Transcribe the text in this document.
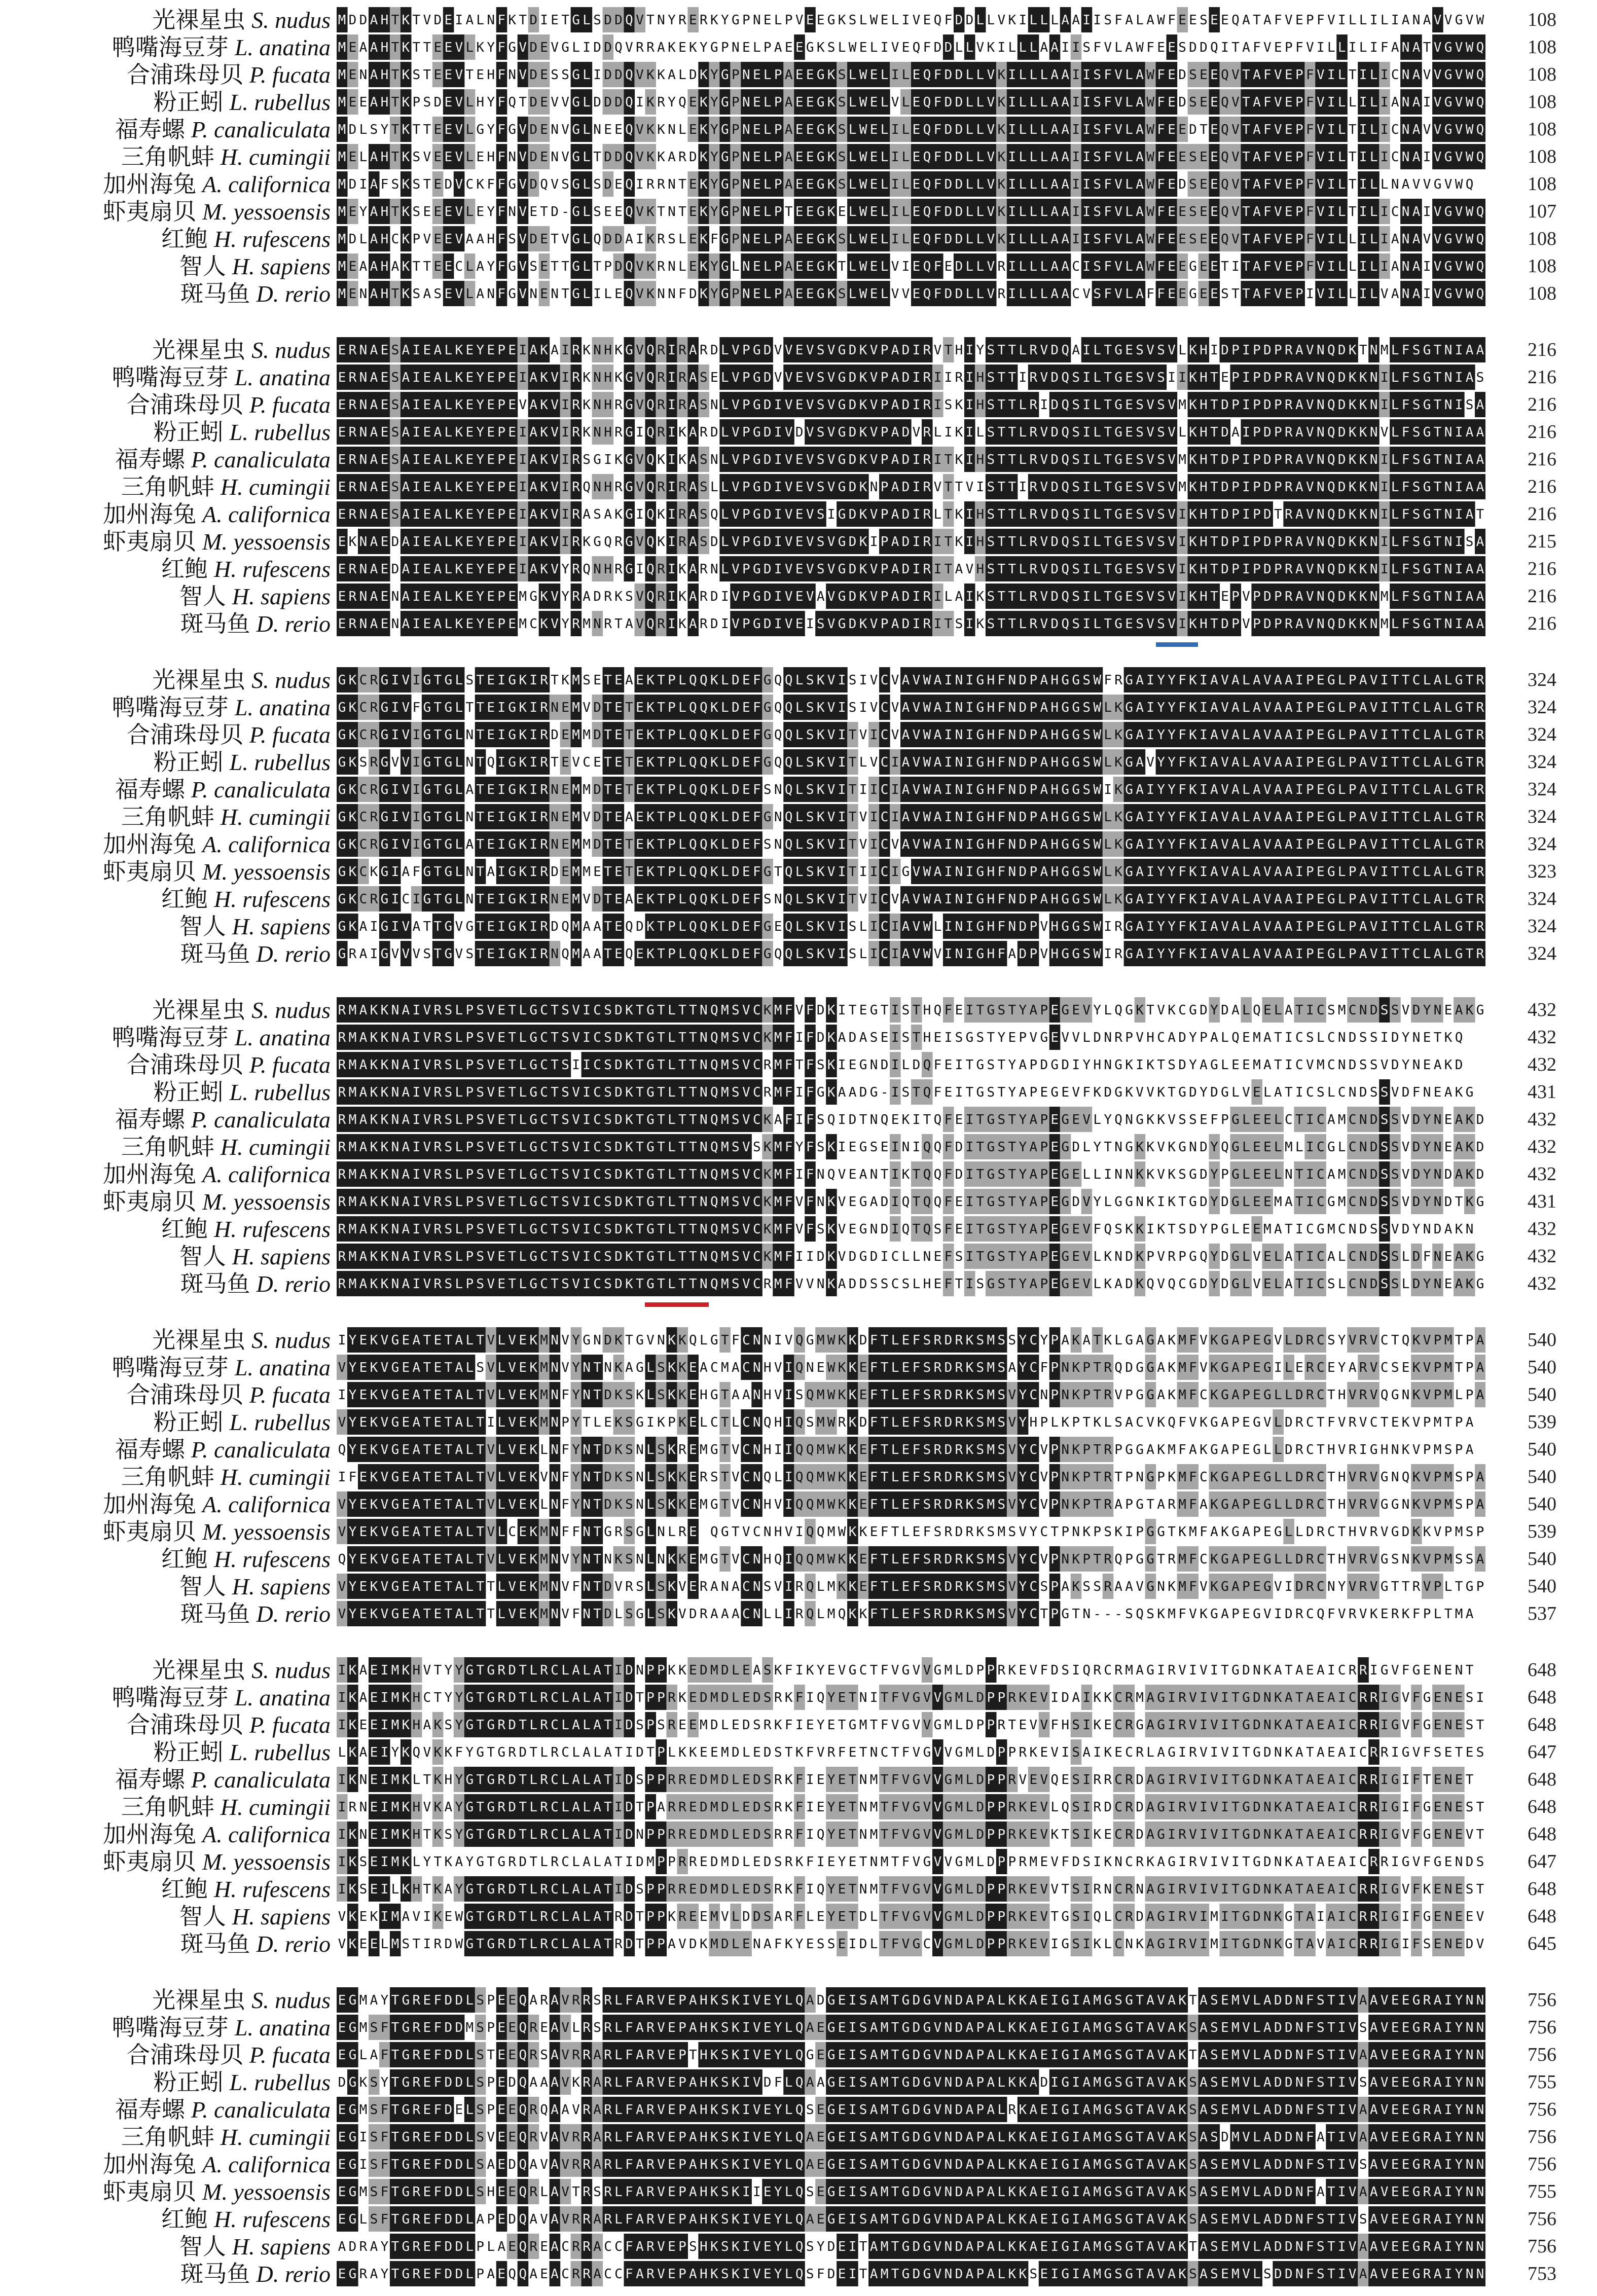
光裸星虫 S. nudus M D D A H T K T V D E I A L N F K T D I E T G L S D D Q V T N Y R E R K Y G P N E L P V E E G K S L W E L I V E Q F D D L L V K I L L L A A I I S F A L A W F E E S E E Q A T A F V E P F V I L L I L I A N A V V G V W	108
鸭嘴海豆芽 L. anatina M E A A H T K T T E E V L K Y F G V D E V G L I D D Q V R R A K E K Y G P N E L P A E E G K S L W E L I V E Q F D D L L V K I L L L A A I I S F V L A W F E E S D D Q I T A F V E P F V I L L I L I F A N A T V G V W Q	108
合浦珠母贝 P. fucata M E N A H T K S T E E V T E H F N V D E S S G L I D D Q V K K A L D K Y G P N E L P A E E G K S L W E L I L E Q F D D L L V K I L L L A A I I S F V L A W F E D S E E Q V T A F V E P F V I L T I L I C N A V V G V W Q	108
粉正蚓 L. rubellus M E E A H T K P S D E V L H Y F Q T D E V V G L D D D Q I K R Y Q E K Y G P N E L P A E E G K S L W E L V L E Q F D D L L V K I L L L A A I I S F V L A W F E D S E E Q V T A F V E P F V I L L I L I A N A I V G V W Q	108
福寿螺 P. canaliculata M D L S Y T K T T E E V L G Y F G V D E N V G L N E E Q V K K N L E K Y G P N E L P A E E G K S L W E L I L E Q F D D L L V K I L L L A A I I S F V L A W F E E D T E Q V T A F V E P F V I L T I L I C N A V V G V W Q	108
三角帆蚌 H. cumingii M E L A H T K S V E E V L E H F N V D E N V G L T D D Q V K K A R D K Y G P N E L P A E E G K S L W E L I L E Q F D D L L V K I L L L A A I I S F V L A W F E E S E E Q V T A F V E P F V I L T I L I C N A I V G V W Q	108
加州海兔 A. californica M D I A F S K S T E D V C K F F G V D Q V S G L S D E Q I R R N T E K Y G P N E L P A E E G K S L W E L I L E Q F D D L L V K I L L L A A I I S F V L A W F E D S E E Q V T A F V E P F V I L T I L L N A V V G V W Q	108
虾夷扇贝 M. yessoensis M E Y A H T K S E E E V L E Y F N V E T D - G L S E E Q V K T N T E K Y G P N E L P T E E G K E L W E L I L E Q F D D L L V K I L L L A A I I S F V L A W F E E S E E Q V T A F V E P F V I L T I L I C N A I V G V W Q	107
红鲍 H. rufescens M D L A H C K P V E E V A A H F S V D E T V G L Q D D A I K R S L E K F G P N E L P A E E G K S L W E L I L E Q F D D L L V K I L L L A A I I S F V L A W F E E S E E Q V T A F V E P F V I L L I L I A N A V V G V W Q	108
智人 H. sapiens M E A A H A K T T E E C L A Y F G V S E T T G L T P D Q V K R N L E K Y G L N E L P A E E G K T L W E L V I E Q F E D L L V R I L L L A A C I S F V L A W F E E G E E T I T A F V E P F V I L L I L I A N A I V G V W Q	108
斑马鱼 D. rerio M E N A H T K S A S E V L A N F G V N E N T G L I L E Q V K N N F D K Y G P N E L P A E E G K S L W E L V V E Q F D D L L V R I L L L A A C V S F V L A F F E E G E E S T T A F V E P I V I L L I L V A N A I V G V W Q	108
光裸星虫 S. nudus E R N A E S A I E A L K E Y E P E I A K A I R K N H K G V Q R I R A R D L V P G D V V E V S V G D K V P A D I R V T H I Y S T T L R V D Q A I L T G E S V S V L K H I D P I P D P R A V N Q D K T N M L F S G T N I A A	216
鸭嘴海豆芽 L. anatina E R N A E S A I E A L K E Y E P E I A K V I R K N H K G V Q R I R A S E L V P G D V V E V S V G D K V P A D I R I I R I H S T T I R V D Q S I L T G E S V S I I K H T E P I P D P R A V N Q D K K N I L F S G T N I A S	216
合浦珠母贝 P. fucata E R N A E S A I E A L K E Y E P E V A K V I R K N H R G V Q R I R A S N L V P G D I V E V S V G D K V P A D I R I S K I H S T T L R I D Q S I L T G E S V S V M K H T D P I P D P R A V N Q D K K N I L F S G T N I S A	216
粉正蚓 L. rubellus E R N A E S A I E A L K E Y E P E I A K V I R K N H R G I Q R I K A R D L V P G D I V D V S V G D K V P A D V R L I K I L S T T L R V D Q S I L T G E S V S V L K H T D A I P D P R A V N Q D K K N V L F S G T N I A A	216
福寿螺 P. canaliculata E R N A E S A I E A L K E Y E P E I A K V I R S G I K G V Q K I K A S N L V P G D I V E V S V G D K V P A D I R I T K I H S T T L R V D Q S I L T G E S V S V M K H T D P I P D P R A V N Q D K K N I L F S G T N I A A	216
三角帆蚌 H. cumingii E R N A E S A I E A L K E Y E P E I A K V I R Q N H R G V Q R I R A S L L V P G D I V E V S V G D K N P A D I R V T T V I S T T I R V D Q S I L T G E S V S V M K H T D P I P D P R A V N Q D K K N I L F S G T N I A A	216
加州海兔 A. californica E R N A E S A I E A L K E Y E P E I A K V I R A S A K G I Q K I R A S Q L V P G D I V E V S I G D K V P A D I R L T K I H S T T L R V D Q S I L T G E S V S V I K H T D P I P D T R A V N Q D K K N I L F S G T N I A T	216
虾夷扇贝 M. yessoensis E K N A E D A I E A L K E Y E P E I A K V I R K G Q R G V Q K I R A S D L V P G D I V E V S V G D K I P A D I R I T K I H S T T L R V D Q S I L T G E S V S V I K H T D P I P D P R A V N Q D K K N I L F S G T N I S A	215
红鲍 H. rufescens E R N A E D A I E A L K E Y E P E I A K V Y R Q N H R G I Q R I K A R N L V P G D I V E V S V G D K V P A D I R I T A V H S T T L R V D Q S I L T G E S V S V I K H T D P I P D P R A V N Q D K K N I L F S G T N I A A	216
智人 H. sapiens E R N A E N A I E A L K E Y E P E M G K V Y R A D R K S V Q R I K A R D I V P G D I V E V A V G D K V P A D I R I L A I K S T T L R V D Q S I L T G E S V S V I K H T E P V P D P R A V N Q D K K N M L F S G T N I A A	216
斑马鱼 D. rerio E R N A E N A I E A L K E Y E P E M C K V Y R M N R T A V Q R I K A R D I V P G D I V E I S V G D K V P A D I R I T S I K S T T L R V D Q S I L T G E S V S V I K H T D P V P D P R A V N Q D K K N M L F S G T N I A A	216
光裸星虫 S. nudus G K C R G I V I G T G L S T E I G K I R T K M S E T E A E K T P L Q Q K L D E F G Q Q L S K V I S I V C V A V W A I N I G H F N D P A H G G S W F R G A I Y Y F K I A V A L A V A A I P E G L P A V I T T C L A L G T R	324
鸭嘴海豆芽 L. anatina G K C R G I V F G T G L T T E I G K I R N E M V D T E T E K T P L Q Q K L D E F G Q Q L S K V I S I V C V A V W A I N I G H F N D P A H G G S W L K G A I Y Y F K I A V A L A V A A I P E G L P A V I T T C L A L G T R	324
合浦珠母贝 P. fucata G K C R G I V I G T G L N T E I G K I R D E M M D T E T E K T P L Q Q K L D E F G Q Q L S K V I T V I C V A V W A I N I G H F N D P A H G G S W L K G A I Y Y F K I A V A L A V A A I P E G L P A V I T T C L A L G T R	324
粉正蚓 L. rubellus G K S R G V V I G T G L N T Q I G K I R T E V C E T E T E K T P L Q Q K L D E F G Q Q L S K V I T L V C I A V W A I N I G H F N D P A H G G S W L K G A V Y Y F K I A V A L A V A A I P E G L P A V I T T C L A L G T R	324
福寿螺 P. canaliculata G K C R G I V I G T G L A T E I G K I R N E M M D T E T E K T P L Q Q K L D E F S N Q L S K V I T I I C I A V W A I N I G H F N D P A H G G S W I K G A I Y Y F K I A V A L A V A A I P E G L P A V I T T C L A L G T R	324
三角帆蚌 H. cumingii G K C R G I V I G T G L N T E I G K I R N E M V D T E A E K T P L Q Q K L D E F G N Q L S K V I T V I C I A V W A I N I G H F N D P A H G G S W L K G A I Y Y F K I A V A L A V A A I P E G L P A V I T T C L A L G T R	324
加州海兔 A. californica G K C R G I V I G T G L A T E I G K I R N E M M D T E T E K T P L Q Q K L D E F S N Q L S K V I T V I C V A V W A I N I G H F N D P A H G G S W L K G A I Y Y F K I A V A L A V A A I P E G L P A V I T T C L A L G T R	324
虾夷扇贝 M. yessoensis G K C K G I A F G T G L N T A I G K I R D E M M E T E T E K T P L Q Q K L D E F G T Q L S K V I T I I C I G V W A I N I G H F N D P A H G G S W L K G A I Y Y F K I A V A L A V A A I P E G L P A V I T T C L A L G T R	323
红鲍 H. rufescens G K C R G I C I G T G L N T E I G K I R N E M V D T E A E K T P L Q Q K L D E F S N Q L S K V I T V I C V A V W A I N I G H F N D P A H G G S W L K G A I Y Y F K I A V A L A V A A I P E G L P A V I T T C L A L G T R	324
智人 H. sapiens G K A I G I V A T T G V G T E I G K I R D Q M A A T E Q D K T P L Q Q K L D E F G E Q L S K V I S L I C I A V W L I N I G H F N D P V H G G S W I R G A I Y Y F K I A V A L A V A A I P E G L P A V I T T C L A L G T R	324
斑马鱼 D. rerio G R A I G V V V S T G V S T E I G K I R N Q M A A T E Q E K T P L Q Q K L D E F G Q Q L S K V I S L I C I A V W V I N I G H F A D P V H G G S W I R G A I Y Y F K I A V A L A V A A I P E G L P A V I T T C L A L G T R	324
光裸星虫 S. nudus R M A K K N A I V R S L P S V E T L G C T S V I C S D K T G T L T T N Q M S V C K M F V F D K I T E G T I S T H Q F E I T G S T Y A P E G E V Y L Q G K T V K C G D Y D A L Q E L A T I C S M C N D S S V D Y N E A K G	432
鸭嘴海豆芽 L. anatina R M A K K N A I V R S L P S V E T L G C T S V I C S D K T G T L T T N Q M S V C K M F I F D K A D A S E I S T H E I S G S T Y E P V G E V V L D N R P V H C A D Y P A L Q E M A T I C S L C N D S S I D Y N E T K Q	432
合浦珠母贝 P. fucata R M A K K N A I V R S L P S V E T L G C T S I I C S D K T G T L T T N Q M S V C R M F T F S K I E G N D I L D Q F E I T G S T Y A P D G D I Y H N G K I K T S D Y A G L E E M A T I C V M C N D S S V D Y N E A K D	432
粉正蚓 L. rubellus R M A K K N A I V R S L P S V E T L G C T S V I C S D K T G T L T T N Q M S V C R M F I F G K A A D G - I S T Q F E I T G S T Y A P E G E V F K D G K V V K T G D Y D G L V E L A T I C S L C N D S S V D F N E A K G	431
福寿螺 P. canaliculata R M A K K N A I V R S L P S V E T L G C T S V I C S D K T G T L T T N Q M S V C K A F I F S Q I D T N Q E K I T Q F E I T G S T Y A P E G E V L Y Q N G K K V S S E F P G L E E L C T I C A M C N D S S V D Y N E A K D	432
三角帆蚌 H. cumingii R M A K K N A I V R S L P S V E T L G C T S V I C S D K T G T L T T N Q M S V S K M F Y F S K I E G S E I N I Q Q F D I T G S T Y A P E G D L Y T N G K K V K G N D Y Q G L E E L M L I C G L C N D S S V D Y N E A K D	432
加州海兔 A. californica R M A K K N A I V R S L P S V E T L G C T S V I C S D K T G T L T T N Q M S V C K M F I F N Q V E A N T I K T Q Q F D I T G S T Y A P E G E L L I N N K K V K S G D Y P G L E E L N T I C A M C N D S S V D Y N D A K D	432
虾夷扇贝 M. yessoensis R M A K K N A I V R S L P S V E T L G C T S V I C S D K T G T L T T N Q M S V C K M F V F N K V E G A D I Q T Q Q F E I T G S T Y A P E G D V Y L G G N K I K T G D Y D G L E E M A T I C G M C N D S S V D Y N D T K G	431
红鲍 H. rufescens R M A K K N A I V R S L P S V E T L G C T S V I C S D K T G T L T T N Q M S V C K M F V F S K V E G N D I Q T Q S F E I T G S T Y A P E G E V F Q S K K I K T S D Y P G L E E M A T I C G M C N D S S V D Y N D A K N	432
智人 H. sapiens R M A K K N A I V R S L P S V E T L G C T S V I C S D K T G T L T T N Q M S V C K M F I I D K V D G D I C L L N E F S I T G S T Y A P E G E V L K N D K P V R P G Q Y D G L V E L A T I C A L C N D S S L D F N E A K G	432
斑马鱼 D. rerio R M A K K N A I V R S L P S V E T L G C T S V I C S D K T G T L T T N Q M S V C R M F V V N K A D D S S C S L H E F T I S G S T Y A P E G E V L K A D K Q V Q C G D Y D G L V E L A T I C S L C N D S S L D Y N E A K G	432
光裸星虫 S. nudus I Y E K V G E A T E T A L T V L V E K M N V Y G N D K T G V N K K Q L G T F C N N I V Q G M W K K D F T L E F S R D R K S M S S Y C Y P A K A T K L G A G A K M F V K G A P E G V L D R C S Y V R V C T Q K V P M T P A	540
鸭嘴海豆芽 L. anatina V Y E K V G E A T E T A L S V L V E K M N V Y N T N K A G L S K K E A C M A C N H V I Q N E W K K E F T L E F S R D R K S M S A Y C F P N K P T R Q D G G A K M F V K G A P E G I L E R C E Y A R V C S E K V P M T P A	540
合浦珠母贝 P. fucata I Y E K V G E A T E T A L T V L V E K M N F Y N T D K S K L S K K E H G T A A N H V I S Q M W K K E F T L E F S R D R K S M S V Y C N P N K P T R V P G G A K M F C K G A P E G L L D R C T H V R V Q G N K V P M L P A	540
粉正蚓 L. rubellus V Y E K V G E A T E T A L T I L V E K M N P Y T L E K S G I K P K E L C T L C N Q H I Q S M W R K D F T L E F S R D R K S M S V Y H P L K P T K L S A C V K Q F V K G A P E G V L D R C T F V R V C T E K V P M T P A	539
福寿螺 P. canaliculata Q Y E K V G E A T E T A L T V L V E K L N F Y N T D K S N L S K R E M G T V C N H I I Q Q M W K K E F T L E F S R D R K S M S V Y C V P N K P T R P G G A K M F A K G A P E G L L D R C T H V R I G H N K V P M S P A	540
三角帆蚌 H. cumingii I F E K V G E A T E T A L T V L V E K V N F Y N T D K S N L S K K E R S T V C N Q L I Q Q M W K K E F T L E F S R D R K S M S V Y C V P N K P T R T P N G P K M F C K G A P E G L L D R C T H V R V G N Q K V P M S P A	540
加州海兔 A. californica V Y E K V G E A T E T A L T V L V E K L N F Y N T D K S N L S K K E M G T V C N H V I Q Q M W K K E F T L E F S R D R K S M S V Y C V P N K P T R A P G T A R M F A K G A P E G L L D R C T H V R V G G N K V P M S P A	540
虾夷扇贝 M. yessoensis V Y E K V G E A T E T A L T V L C E K M N F F N T G R S G L N L R E Q G T V C N H V I Q Q M W K K E F T L E F S R D R K S M S V Y C T P N K P S K I P G G T K M F A K G A P E G L L D R C T H V R V G D K K V P M S P	539
红鲍 H. rufescens Q Y E K V G E A T E T A L T V L V E K M N V Y N T N K S N L N K K E M G T V C N H Q I Q Q M W K K E F T L E F S R D R K S M S V Y C V P N K P T R Q P G G T R M F C K G A P E G L L D R C T H V R V G S N K V P M S S A	540
智人 H. sapiens V Y E K V G E A T E T A L T T L V E K M N V F N T D V R S L S K V E R A N A C N S V I R Q L M K K E F T L E F S R D R K S M S V Y C S P A K S S R A A V G N K M F V K G A P E G V I D R C N Y V R V G T T R V P L T G P	540
斑马鱼 D. rerio V Y E K V G E A T E T A L T T L V E K M N V F N T D L S G L S K V D R A A A C N L L I R Q L M Q K K F T L E F S R D R K S M S V Y C T P G T N - - - S Q S K M F V K G A P E G V I D R C Q F V R V K E R K F P L T M A	537
光裸星虫 S. nudus I K A E I M K H V T Y Y G T G R D T L R C L A L A T I D N P P K K E D M D L E A S K F I K Y E V G C T F V G V V G M L D P P R K E V F D S I Q R C R M A G I R V I V I T G D N K A T A E A I C R R I G V F G E N E N T	648
鸭嘴海豆芽 L. anatina I K A E I M K H C T Y Y G T G R D T L R C L A L A T I D T P P R K E D M D L E D S R K F I Q Y E T N I T F V G V V G M L D P P R K E V I D A I K K C R M A G I R V I V I T G D N K A T A E A I C R R I G V F G E N E S I	648
合浦珠母贝 P. fucata I K E E I M K H A K S Y G T G R D T L R C L A L A T I D S P S R E E M D L E D S R K F I E Y E T G M T F V G V V G M L D P P R T E V V F H S I K E C R G A G I R V I V I T G D N K A T A E A I C R R I G V F G E N E S T	648
粉正蚓 L. rubellus L K A E I Y K Q V K K F Y G T G R D T L R C L A L A T I D T P L K K E E M D L E D S T K F V R F E T N C T F V G V V G M L D P P R K E V I S A I K E C R L A G I R V I V I T G D N K A T A E A I C R R I G V F S E T E S	647
福寿螺 P. canaliculata I K N E I M K L T K H Y G T G R D T L R C L A L A T I D S P P R R E D M D L E D S R K F I E Y E T N M T F V G V V G M L D P P R V E V Q E S I R R C R D A G I R V I V I T G D N K A T A E A I C R R I G I F T E N E T	648
三角帆蚌 H. cumingii I R N E I M K H V K A Y G T G R D T L R C L A L A T I D T P A R R E D M D L E D S R K F I E Y E T N M T F V G V V G M L D P P R K E V L Q S I R D C R D A G I R V I V I T G D N K A T A E A I C R R I G I F G E N E S T	648
加州海兔 A. californica I K N E I M K H T K S Y G T G R D T L R C L A L A T I D N P P R R E D M D L E D S R R F I Q Y E T N M T F V G V V G M L D P P R K E V K T S I K E C R D A G I R V I V I T G D N K A T A E A I C R R I G V F G E N E V T	648
虾夷扇贝 M. yessoensis I K S E I M K L Y T K A Y G T G R D T L R C L A L A T I D M P P R R E D M D L E D S R K F I E Y E T N M T F V G V V G M L D P P R M E V F D S I K N C R K A G I R V I V I T G D N K A T A E A I C R R I G V F G E N D S	647
红鲍 H. rufescens I K S E I L K H T K A Y G T G R D T L R C L A L A T I D S P P R R E D M D L E D S R K F I Q Y E T N M T F V G V V G M L D P P R K E V V T S I R N C R N A G I R V I V I T G D N K A T A E A I C R R I G V F K E N E S T	648
智人 H. sapiens V K E K I M A V I K E W G T G R D T L R C L A L A T R D T P P K R E E M V L D D S A R F L E Y E T D L T F V G V V G M L D P P R K E V T G S I Q L C R D A G I R V I M I T G D N K G T A I A I C R R I G I F G E N E E V	648
斑马鱼 D. rerio V K E E L M S T I R D W G T G R D T L R C L A L A T R D T P P A V D K M D L E N A F K Y E S S E I D L T F V G C V G M L D P P R K E V I G S I K L C N K A G I R V I M I T G D N K G T A V A I C R R I G I F S E N E D V	645
光裸星虫 S. nudus E G M A Y T G R E F D D L S P E E Q A R A V R R S R L F A R V E P A H K S K I V E Y L Q A D G E I S A M T G D G V N D A P A L K K A E I G I A M G S G T A V A K T A S E M V L A D D N F S T I V A A V E E G R A I Y N N	756
鸭嘴海豆芽 L. anatina E G M S F T G R E F D D M S P E E Q R E A V L R S R L F A R V E P A H K S K I V E Y L Q A E G E I S A M T G D G V N D A P A L K K A E I G I A M G S G T A V A K S A S E M V L A D D N F S T I V S A V E E G R A I Y N N	756
合浦珠母贝 P. fucata E G L A F T G R E F D D L S T E E Q R S A V R R A R L F A R V E P T H K S K I V E Y L Q G E G E I S A M T G D G V N D A P A L K K A E I G I A M G S G T A V A K T A S E M V L A D D N F S T I V A A V E E G R A I Y N N	756
粉正蚓 L. rubellus D G K S Y T G R E F D D L S P E D Q A A A V K R A R L F A R V E P A H K S K I V D F L Q A A G E I S A M T G D G V N D A P A L K K A D I G I A M G S G T A V A K S A S E M V L A D D N F S T I V S A V E E G R A I Y N N	755
福寿螺 P. canaliculata E G M S F T G R E F D E L S P E E Q R Q A A V R A R L F A R V E P A H K S K I V E Y L Q S E G E I S A M T G D G V N D A P A L R K A E I G I A M G S G T A V A K S A S E M V L A D D N F S T I V A A V E E G R A I Y N N	756
三角帆蚌 H. cumingii E G I S F T G R E F D D L S V E E Q R V A V R R A R L F A R V E P A H K S K I V E Y L Q A E G E I S A M T G D G V N D A P A L K K A E I G I A M G S G T A V A K S A S D M V L A D D N F A T I V A A V E E G R A I Y N N	756
加州海兔 A. californica E G I S F T G R E F D D L S A E D Q A V A V R R A R L F A R V E P A H K S K I V E Y L Q A E G E I S A M T G D G V N D A P A L K K A E I G I A M G S G T A V A K S A S E M V L A D D N F S T I V S A V E E G R A I Y N N	756
虾夷扇贝 M. yessoensis E G M S F T G R E F D D L S H E E Q R L A V T R S R L F A R V E P A H K S K I I E Y L Q S E G E I S A M T G D G V N D A P A L K K A E I G I A M G S G T A V A K S A S E M V L A D D N F A T I V A A V E E G R A I Y N N	755
红鲍 H. rufescens E G L S F T G R E F D D L A P E D Q A V A V R R A R L F A R V E P A H K S K I V E Y L Q A E G E I S A M T G D G V N D A P A L K K A E I G I A M G S G T A V A K S A S E M V L A D D N F S T I V S A V E E G R A I Y N N	756
智人 H. sapiens A D R A Y T G R E F D D L P L A E Q R E A C R R A C C F A R V E P S H K S K I V E Y L Q S Y D E I T A M T G D G V N D A P A L K K A E I G I A M G S G T A V A K T A S E M V L A D D N F S T I V A A V E E G R A I Y N N	756
斑马鱼 D. rerio E G R A Y T G R E F D D L P A E Q Q A E A C R R A C C F A R V E P A H K S K I V E Y L Q S F D E I T A M T G D G V N D A P A L K K S E I G I A M G S G T A V A K S A S E M V L S D D N F S T I V A A V E E G R A I Y N N	753
